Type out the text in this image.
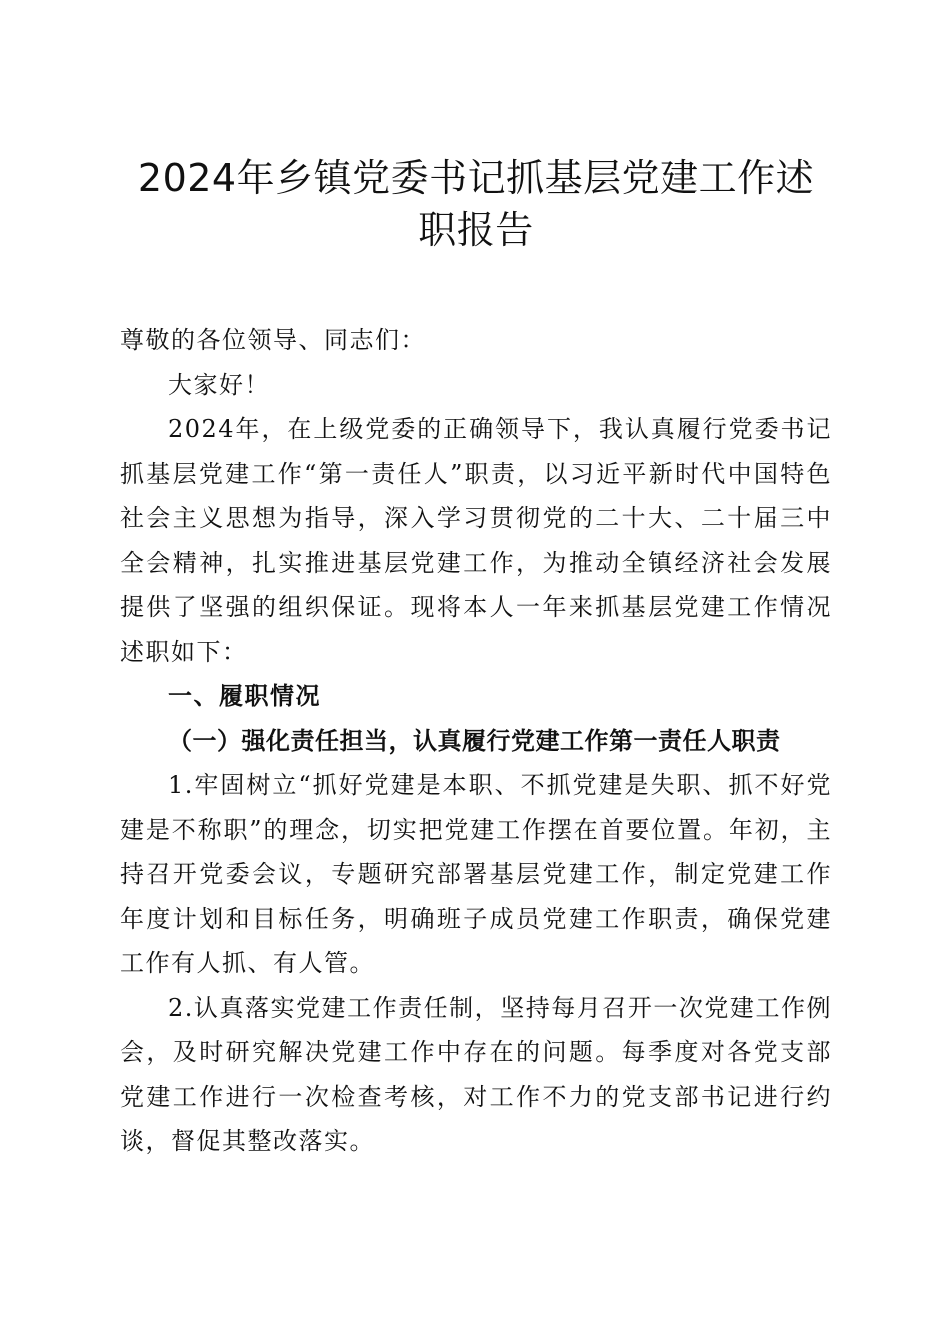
2024年乡镇党委书记抓基层党建工作述职报告

尊敬的各位领导、同志们：

大家好！

2024年，在上级党委的正确领导下，我认真履行党委书记抓基层党建工作“第一责任人”职责，以习近平新时代中国特色社会主义思想为指导，深入学习贯彻党的二十大、二十届三中全会精神，扎实推进基层党建工作，为推动全镇经济社会发展提供了坚强的组织保证。现将本人一年来抓基层党建工作情况述职如下：

一、履职情况

（一）强化责任担当，认真履行党建工作第一责任人职责

1.牢固树立“抓好党建是本职、不抓党建是失职、抓不好党建是不称职”的理念，切实把党建工作摆在首要位置。年初，主持召开党委会议，专题研究部署基层党建工作，制定党建工作年度计划和目标任务，明确班子成员党建工作职责，确保党建工作有人抓、有人管。

2.认真落实党建工作责任制，坚持每月召开一次党建工作例会，及时研究解决党建工作中存在的问题。每季度对各党支部党建工作进行一次检查考核，对工作不力的党支部书记进行约谈，督促其整改落实。
